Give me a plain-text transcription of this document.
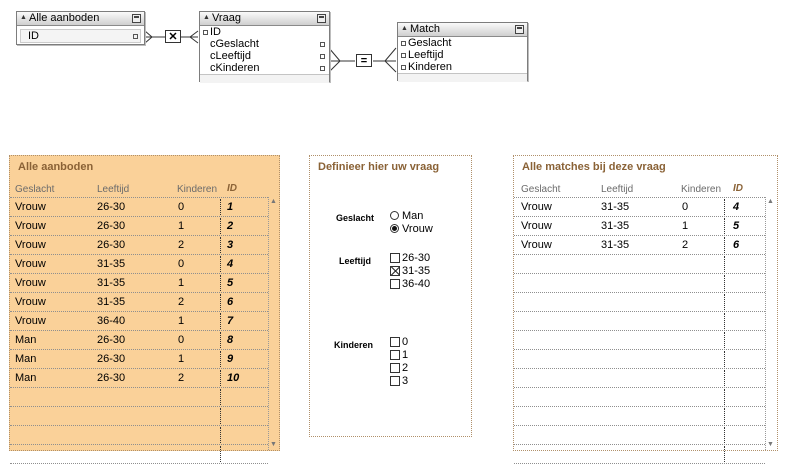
▲ Alle aanboden
ID	✕
▲ Vraag
ID
cGeslacht
cLeeftijd
cKinderen
=
▲ Match
Geslacht
Leeftijd
Kinderen
Alle aanboden
Geslacht	Leeftijd	Kinderen ID
Vrouw	26-30	0	1
Vrouw	26-30	1	2
Vrouw	26-30	2	3
Vrouw	31-35	0	4
Vrouw	31-35	1	5
Vrouw	31-35	2	6
Vrouw	36-40	1	7
Man	26-30	0	8
Man	26-30	1	9
Man	26-30	2	10
▲
▼
Definieer hier uw vraag
Geslacht	Man
Vrouw
Leeftijd	26-30
31-35
36-40
Kinderen	0
1
2
3
Alle matches bij deze vraag
Geslacht	Leeftijd	Kinderen ID
Vrouw	31-35	0	4
Vrouw	31-35	1	5
Vrouw	31-35	2	6
▲
▼
